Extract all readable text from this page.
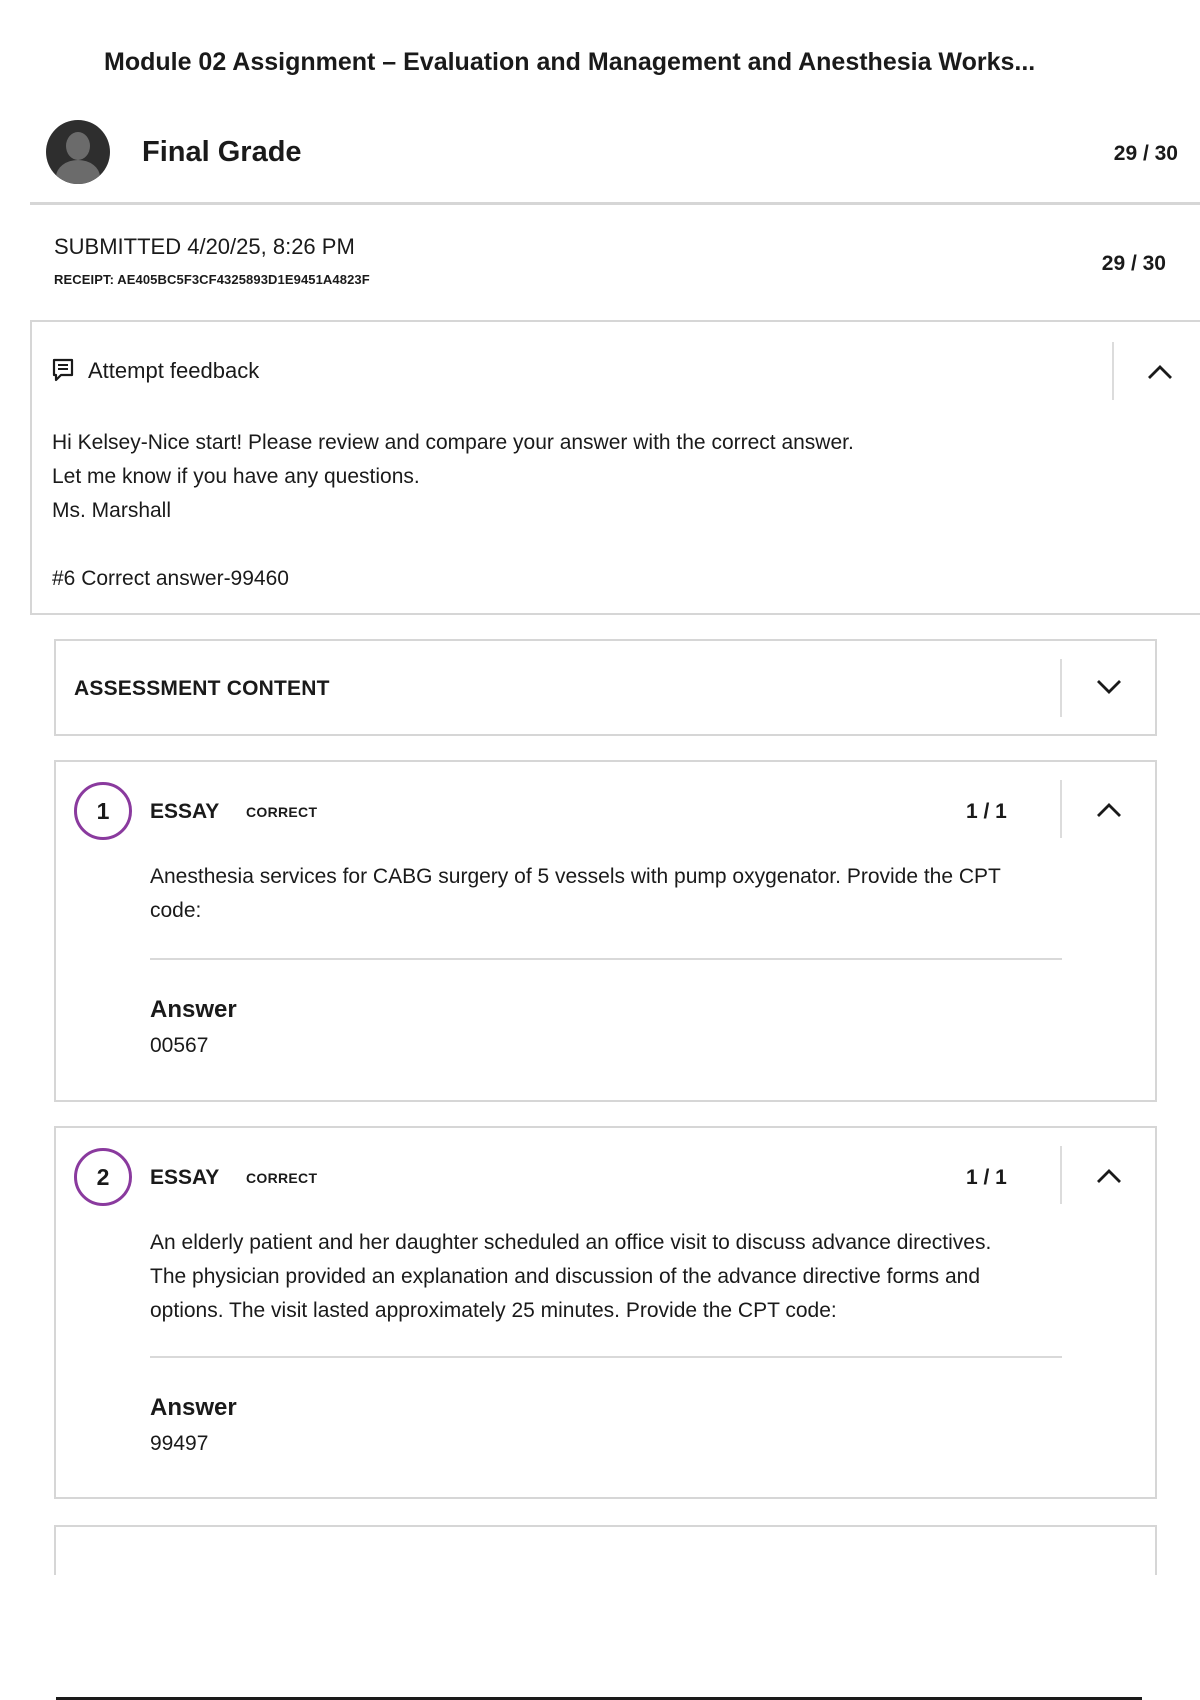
Module 02 Assignment – Evaluation and Management and Anesthesia Works...
Final Grade	29 / 30
SUBMITTED 4/20/25, 8:26 PM
RECEIPT: AE405BC5F3CF4325893D1E9451A4823F
29 / 30
Attempt feedback
Hi Kelsey-Nice start! Please review and compare your answer with the correct answer.
Let me know if you have any questions.
Ms. Marshall
#6 Correct answer-99460
ASSESSMENT CONTENT
1	ESSAY CORRECT	1 / 1
Anesthesia services for CABG surgery of 5 vessels with pump oxygenator. Provide the CPT code:
Answer
00567
2	ESSAY CORRECT	1 / 1
An elderly patient and her daughter scheduled an office visit to discuss advance directives. The physician provided an explanation and discussion of the advance directive forms and options. The visit lasted approximately 25 minutes. Provide the CPT code:
Answer
99497
